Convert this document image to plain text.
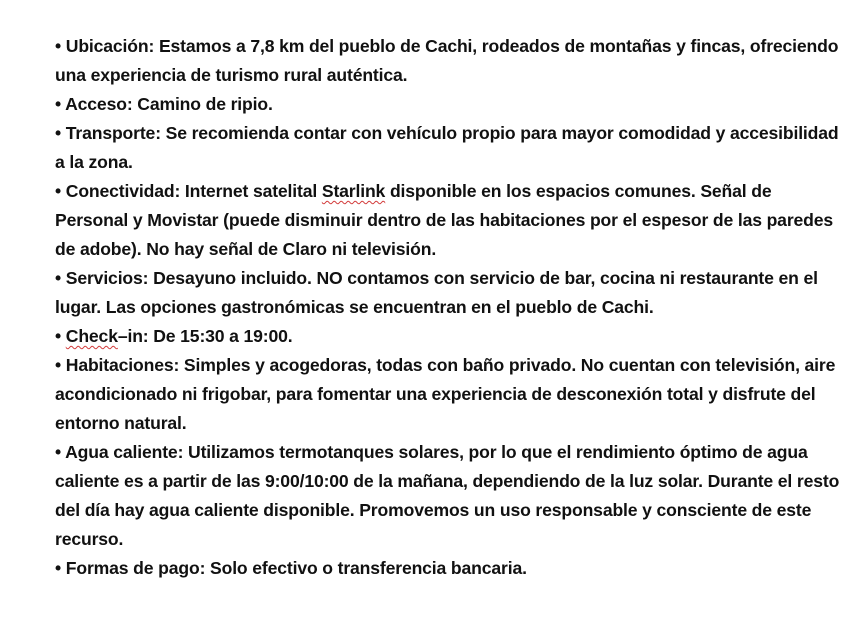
• Ubicación: Estamos a 7,8 km del pueblo de Cachi, rodeados de montañas y fincas, ofreciendo una experiencia de turismo rural auténtica.

• Acceso: Camino de ripio.

• Transporte: Se recomienda contar con vehículo propio para mayor comodidad y accesibilidad a la zona.

• Conectividad: Internet satelital Starlink disponible en los espacios comunes. Señal de Personal y Movistar (puede disminuir dentro de las habitaciones por el espesor de las paredes de adobe). No hay señal de Claro ni televisión.

• Servicios: Desayuno incluido. NO contamos con servicio de bar, cocina ni restaurante en el lugar. Las opciones gastronómicas se encuentran en el pueblo de Cachi.

• Check–in: De 15:30 a 19:00.

• Habitaciones: Simples y acogedoras, todas con baño privado. No cuentan con televisión, aire acondicionado ni frigobar, para fomentar una experiencia de desconexión total y disfrute del entorno natural.

• Agua caliente: Utilizamos termotanques solares, por lo que el rendimiento óptimo de agua caliente es a partir de las 9:00/10:00 de la mañana, dependiendo de la luz solar. Durante el resto del día hay agua caliente disponible. Promovemos un uso responsable y consciente de este recurso.

• Formas de pago: Solo efectivo o transferencia bancaria.
